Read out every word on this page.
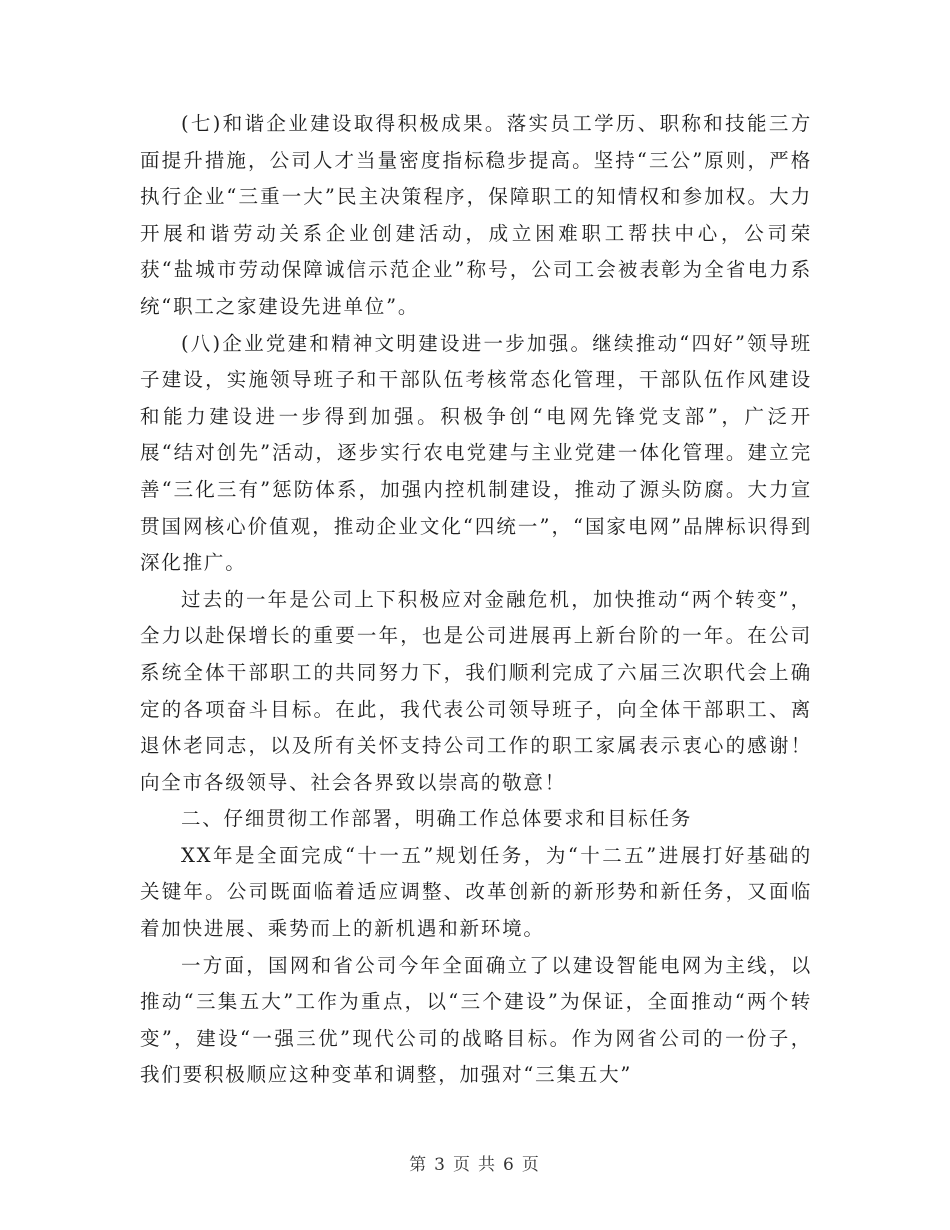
(七)和谐企业建设取得积极成果。落实员工学历、职称和技能三方面提升措施，公司人才当量密度指标稳步提高。坚持“三公”原则，严格执行企业“三重一大”民主决策程序，保障职工的知情权和参加权。大力开展和谐劳动关系企业创建活动，成立困难职工帮扶中心，公司荣获“盐城市劳动保障诚信示范企业”称号，公司工会被表彰为全省电力系统“职工之家建设先进单位”。

(八)企业党建和精神文明建设进一步加强。继续推动“四好”领导班子建设，实施领导班子和干部队伍考核常态化管理，干部队伍作风建设和能力建设进一步得到加强。积极争创“电网先锋党支部”，广泛开展“结对创先”活动，逐步实行农电党建与主业党建一体化管理。建立完善“三化三有”惩防体系，加强内控机制建设，推动了源头防腐。大力宣贯国网核心价值观，推动企业文化“四统一”，“国家电网”品牌标识得到深化推广。

过去的一年是公司上下积极应对金融危机，加快推动“两个转变”，全力以赴保增长的重要一年，也是公司进展再上新台阶的一年。在公司系统全体干部职工的共同努力下，我们顺利完成了六届三次职代会上确定的各项奋斗目标。在此，我代表公司领导班子，向全体干部职工、离退休老同志，以及所有关怀支持公司工作的职工家属表示衷心的感谢！向全市各级领导、社会各界致以崇高的敬意！

二、仔细贯彻工作部署，明确工作总体要求和目标任务

XX年是全面完成“十一五”规划任务，为“十二五”进展打好基础的关键年。公司既面临着适应调整、改革创新的新形势和新任务，又面临着加快进展、乘势而上的新机遇和新环境。

一方面，国网和省公司今年全面确立了以建设智能电网为主线，以推动“三集五大”工作为重点，以“三个建设”为保证，全面推动“两个转变”，建设“一强三优”现代公司的战略目标。作为网省公司的一份子，我们要积极顺应这种变革和调整，加强对“三集五大”

第 3 页 共 6 页
